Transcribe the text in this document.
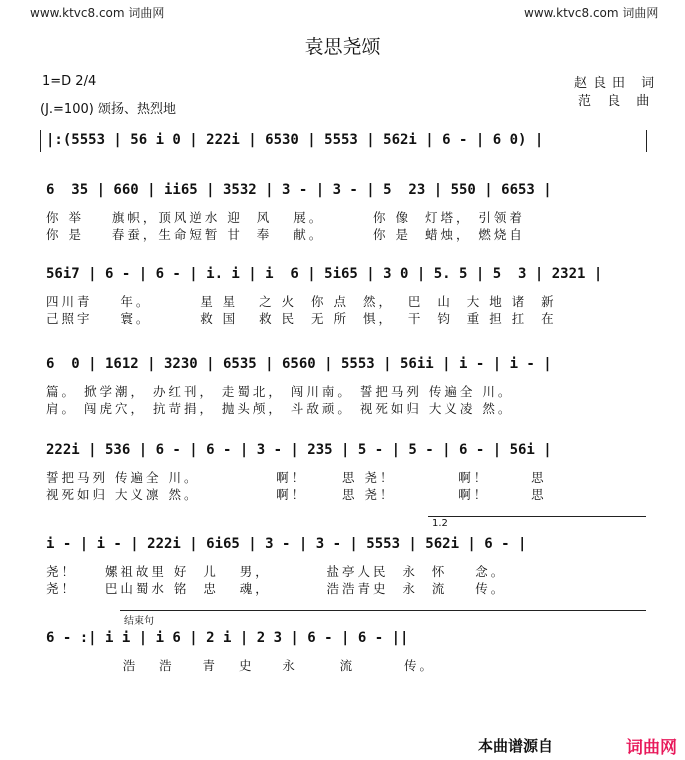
www.ktvc8.com 词曲网	www.ktvc8.com 词曲网
袁思尧颂
1=D 2/4
(J.=100) 颂扬、热烈地
赵良田 词
范 良 曲
|:(5553 | 56 i 0 | 222i | 6530 | 5553 | 562i | 6 - | 6 0) |
6  35 | 660 | ii65 | 3532 | 3 - | 3 - | 5  23 | 550 | 6653 |
你 举    旗帜，顶风逆水 迎  风   展。       你 像  灯塔， 引领着
你 是    春蚕，生命短暂 甘  奉   献。       你 是  蜡烛， 燃烧自
56i7 | 6 - | 6 - | i. i | i  6 | 5i65 | 3 0 | 5. 5 | 5  3 | 2321 |
四川青    年。       星 星   之 火  你 点  然，  巴  山  大 地 诸  新
己照宇    寰。       救 国   救 民  无 所  惧，  干  钧  重 担 扛  在
6  0 | 1612 | 3230 | 6535 | 6560 | 5553 | 56ii | i - | i - |
篇。 掀学潮， 办红刊， 走蜀北， 闯川南。 誓把马列 传遍全 川。
肩。 闯虎穴， 抗苛捐， 抛头颅， 斗敌顽。 视死如归 大义凌 然。
222i | 536 | 6 - | 6 - | 3 - | 235 | 5 - | 5 - | 6 - | 56i |
誓把马列 传遍全 川。           啊！     思 尧！         啊！      思
视死如归 大义凛 然。           啊！     思 尧！         啊！      思
1.2
i - | i - | 222i | 6i65 | 3 - | 3 - | 5553 | 562i | 6 - |
尧！    嫘祖故里 好  儿   男，        盐亭人民  永  怀    念。
尧！    巴山蜀水 铭  忠   魂，        浩浩青史  永  流    传。
结束句
6 - :| i i | i 6 | 2 i | 2 3 | 6 - | 6 - ||
浩   浩    青   史    永      流       传。
本曲谱源自	词曲网
